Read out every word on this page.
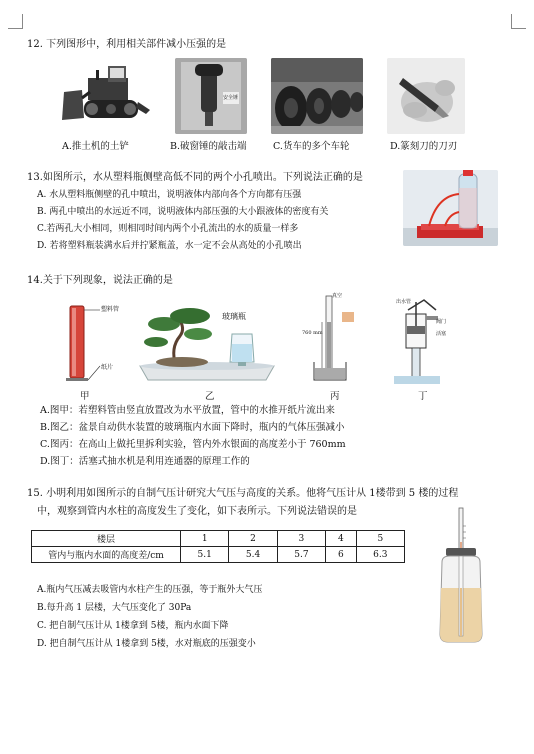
12. 下列图形中，利用相关部件减小压强的是
安全锤
A.推土机的土铲	B.破窗锤的敲击端	C.货车的多个车轮	D.篆刻刀的刀刃
13.如图所示，水从塑料瓶侧壁高低不同的两个小孔喷出。下列说法正确的是
A. 水从塑料瓶侧壁的孔中喷出，说明液体内部向各个方向都有压强
B. 两孔中喷出的水远近不同，说明液体内部压强的大小跟液体的密度有关
C.若两孔大小相同，则相同时间内两个小孔流出的水的质量一样多
D. 若将塑料瓶装满水后并拧紧瓶盖，水一定不会从高处的小孔喷出
14.关于下列现象，说法正确的是
塑料管
纸片
玻璃瓶
真空
760 mm
出水管
阀门
活塞
甲	乙	丙	丁
A.图甲：若塑料管由竖直放置改为水平放置，管中的水推开纸片流出来
B.图乙：盆景自动供水装置的玻璃瓶内水面下降时，瓶内的气体压强减小
C.图丙：在高山上做托里拆利实验，管内外水银面的高度差小于 760mm
D.图丁：活塞式抽水机是利用连通器的原理工作的
15. 小明利用如图所示的自制气压计研究大气压与高度的关系。他将气压计从 1楼带到 5 楼的过程
中，观察到管内水柱的高度发生了变化，如下表所示。下列说法错误的是
楼层	1	2	3	4	5
管内与瓶内水面的高度差/cm	5.1	5.4	5.7	6	6.3
A.瓶内气压减去吸管内水柱产生的压强，等于瓶外大气压
B.每升高 1 层楼，大气压变化了 30Pa
C. 把自制气压计从 1楼拿到 5楼，瓶内水面下降
D. 把自制气压计从 1楼拿到 5楼，水对瓶底的压强变小
